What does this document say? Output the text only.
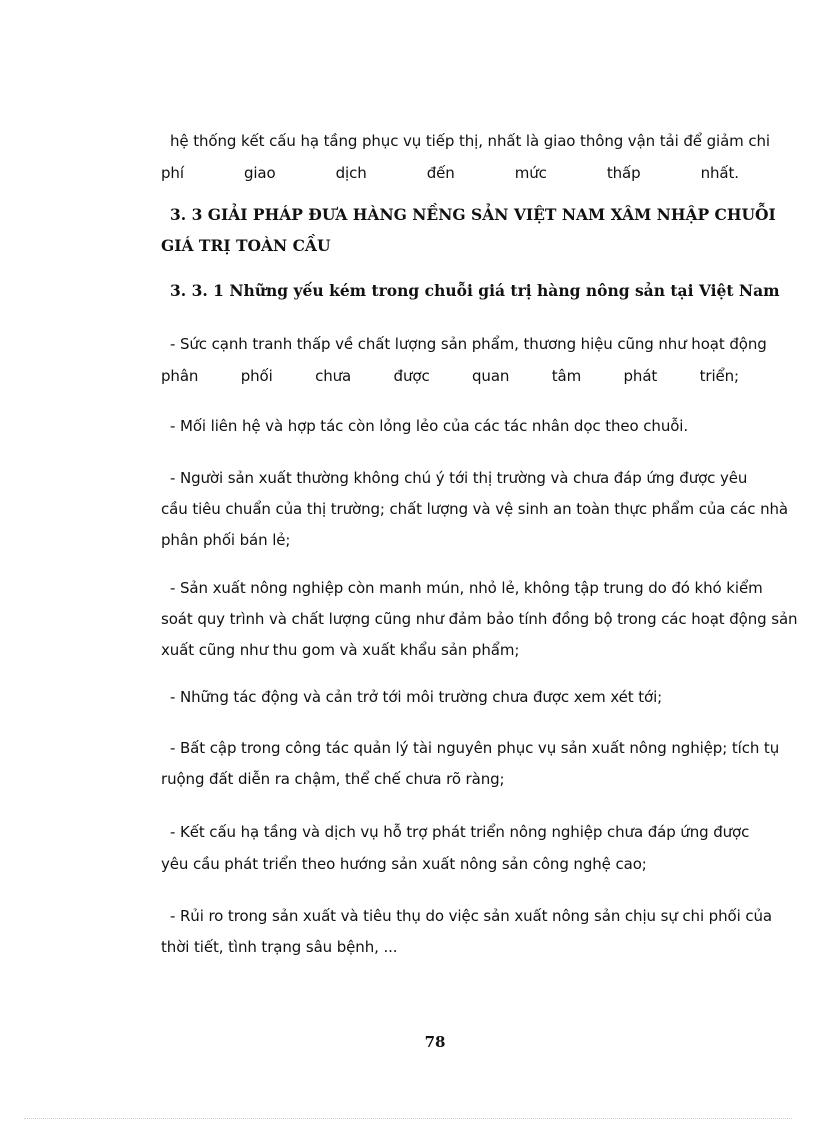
hệ thống kết cấu hạ tầng phục vụ tiếp thị, nhất là giao thông vận tải để giảm chi
phí	giao	dịch	đến	mức	thấp	nhất.
3. 3 GIẢI PHÁP ĐƯA HÀNG NỀNG SẢN VIỆT NAM XÂM NHẬP CHUỖI
GIÁ TRỊ TOÀN CẦU
3. 3. 1 Những yếu kém trong chuỗi giá trị hàng nông sản tại Việt Nam
- Sức cạnh tranh thấp về chất lượng sản phẩm, thương hiệu cũng như hoạt động
phân	phối	chưa	được	quan	tâm	phát	triển;
- Mối liên hệ và hợp tác còn lỏng lẻo của các tác nhân dọc theo chuỗi.
- Người sản xuất thường không chú ý tới thị trường và chưa đáp ứng được yêu
cầu tiêu chuẩn của thị trường; chất lượng và vệ sinh an toàn thực phẩm của các nhà
phân phối bán lẻ;
- Sản xuất nông nghiệp còn manh mún, nhỏ lẻ, không tập trung do đó khó kiểm
soát quy trình và chất lượng cũng như đảm bảo tính đồng bộ trong các hoạt động sản
xuất cũng như thu gom và xuất khẩu sản phẩm;
- Những tác động và cản trở tới môi trường chưa được xem xét tới;
- Bất cập trong công tác quản lý tài nguyên phục vụ sản xuất nông nghiệp; tích tụ
ruộng đất diễn ra chậm, thể chế chưa rõ ràng;
- Kết cấu hạ tầng và dịch vụ hỗ trợ phát triển nông nghiệp chưa đáp ứng được
yêu cầu phát triển theo hướng sản xuất nông sản công nghệ cao;
- Rủi ro trong sản xuất và tiêu thụ do việc sản xuất nông sản chịu sự chi phối của
thời tiết, tình trạng sâu bệnh, ...
78
